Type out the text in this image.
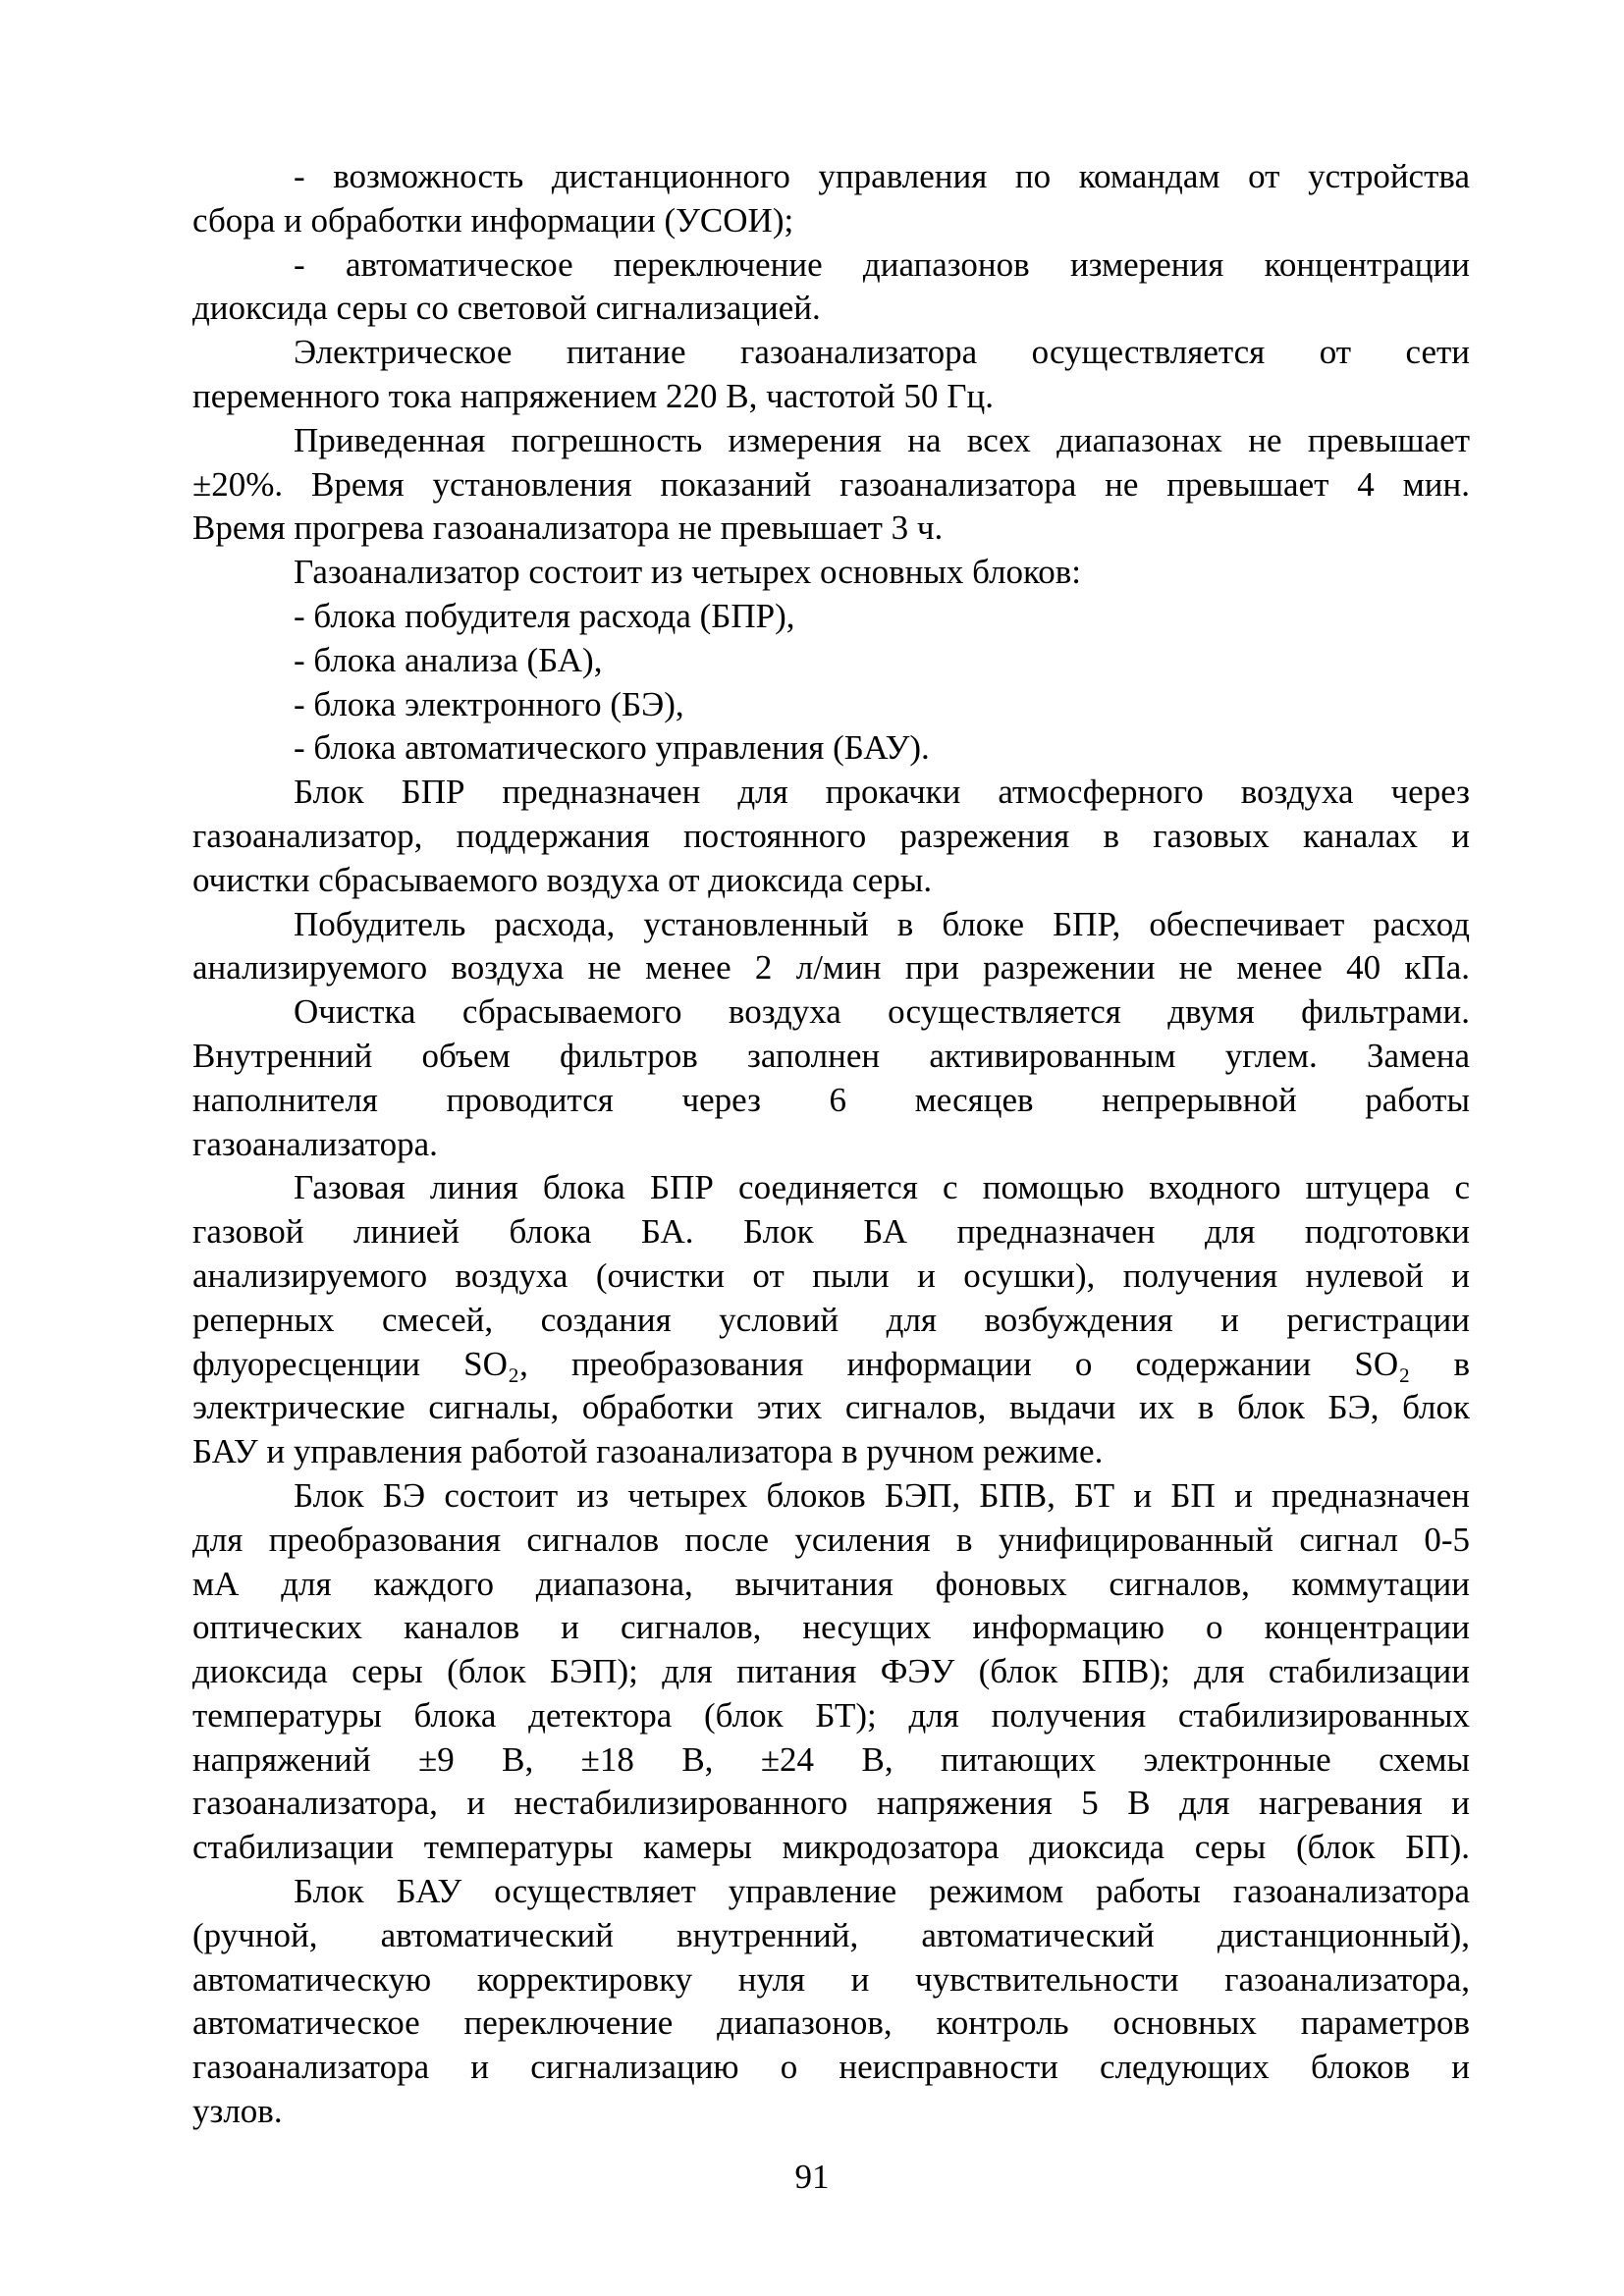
- возможность дистанционного управления по командам от устройства
сбора и обработки информации (УСОИ);
- автоматическое переключение диапазонов измерения концентрации
диоксида серы со световой сигнализацией.
Электрическое питание газоанализатора осуществляется от сети
переменного тока напряжением 220 В, частотой 50 Гц.
Приведенная погрешность измерения на всех диапазонах не превышает
±20%. Время установления показаний газоанализатора не превышает 4 мин.
Время прогрева газоанализатора не превышает 3 ч.
Газоанализатор состоит из четырех основных блоков:
- блока побудителя расхода (БПР),
- блока анализа (БА),
- блока электронного (БЭ),
- блока автоматического управления (БАУ).
Блок БПР предназначен для прокачки атмосферного воздуха через
газоанализатор, поддержания постоянного разрежения в газовых каналах и
очистки сбрасываемого воздуха от диоксида серы.
Побудитель расхода, установленный в блоке БПР, обеспечивает расход
анализируемого воздуха не менее 2 л/мин при разрежении не менее 40 кПа.
Очистка сбрасываемого воздуха осуществляется двумя фильтрами.
Внутренний объем фильтров заполнен активированным углем. Замена
наполнителя проводится через 6 месяцев непрерывной работы
газоанализатора.
Газовая линия блока БПР соединяется с помощью входного штуцера с
газовой линией блока БА. Блок БА предназначен для подготовки
анализируемого воздуха (очистки от пыли и осушки), получения нулевой и
реперных смесей, создания условий для возбуждения и регистрации
флуоресценции SO₂, преобразования информации о содержании SO₂ в
электрические сигналы, обработки этих сигналов, выдачи их в блок БЭ, блок
БАУ и управления работой газоанализатора в ручном режиме.
Блок БЭ состоит из четырех блоков БЭП, БПВ, БТ и БП и предназначен
для преобразования сигналов после усиления в унифицированный сигнал 0-5
мА для каждого диапазона, вычитания фоновых сигналов, коммутации
оптических каналов и сигналов, несущих информацию о концентрации
диоксида серы (блок БЭП); для питания ФЭУ (блок БПВ); для стабилизации
температуры блока детектора (блок БТ); для получения стабилизированных
напряжений ±9 В, ±18 В, ±24 В, питающих электронные схемы
газоанализатора, и нестабилизированного напряжения 5 В для нагревания и
стабилизации температуры камеры микродозатора диоксида серы (блок БП).
Блок БАУ осуществляет управление режимом работы газоанализатора
(ручной, автоматический внутренний, автоматический дистанционный),
автоматическую корректировку нуля и чувствительности газоанализатора,
автоматическое переключение диапазонов, контроль основных параметров
газоанализатора и сигнализацию о неисправности следующих блоков и
узлов.
91
